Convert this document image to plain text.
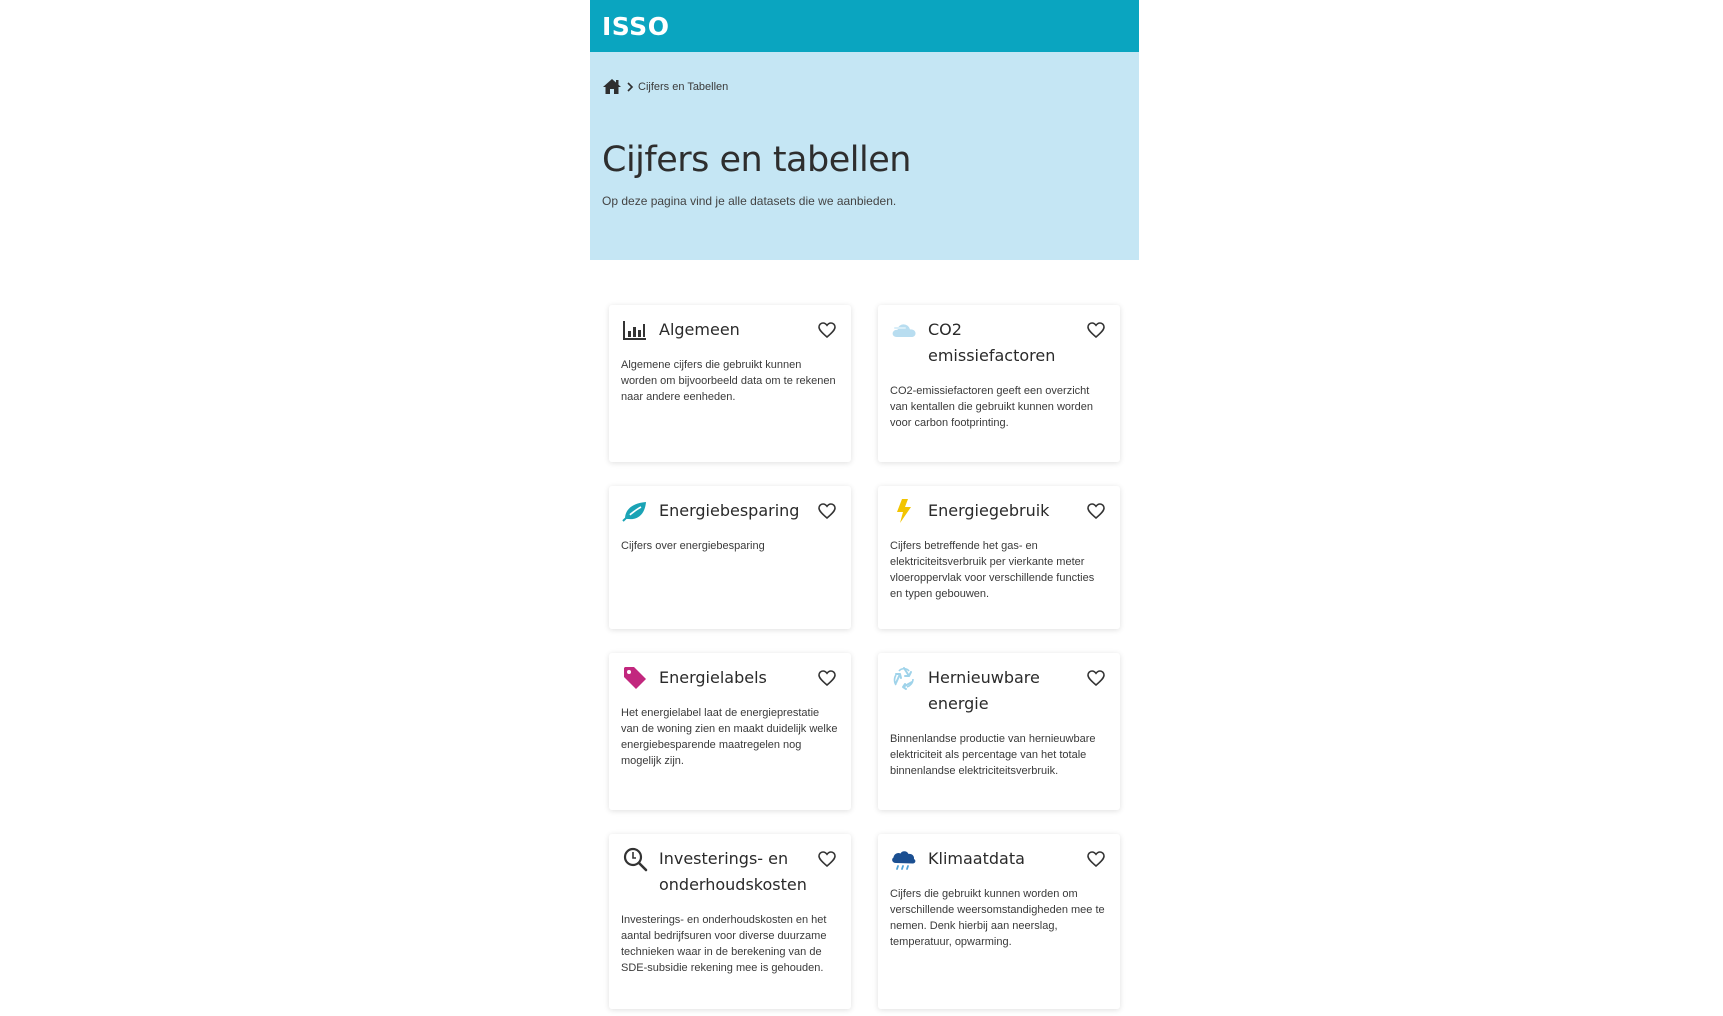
ISSO
Cijfers en Tabellen
Cijfers en tabellen

Op deze pagina vind je alle datasets die we aanbieden.

Algemeen

Algemene cijfers die gebruikt kunnen worden om bijvoorbeeld data om te rekenen naar andere eenheden.

CO2 emissiefactoren

CO2-emissiefactoren geeft een overzicht van kentallen die gebruikt kunnen worden voor carbon footprinting.

Energiebesparing

Cijfers over energiebesparing

Energiegebruik

Cijfers betreffende het gas- en elektriciteitsverbruik per vierkante meter vloeroppervlak voor verschillende functies en typen gebouwen.

Energielabels

Het energielabel laat de energieprestatie van de woning zien en maakt duidelijk welke energiebesparende maatregelen nog mogelijk zijn.

Hernieuwbare energie

Binnenlandse productie van hernieuwbare elektriciteit als percentage van het totale binnenlandse elektriciteitsverbruik.

Investerings- en onderhoudskosten

Investerings- en onderhoudskosten en het aantal bedrijfsuren voor diverse duurzame technieken waar in de berekening van de SDE-subsidie rekening mee is gehouden.

Klimaatdata

Cijfers die gebruikt kunnen worden om verschillende weersomstandigheden mee te nemen. Denk hierbij aan neerslag, temperatuur, opwarming.
